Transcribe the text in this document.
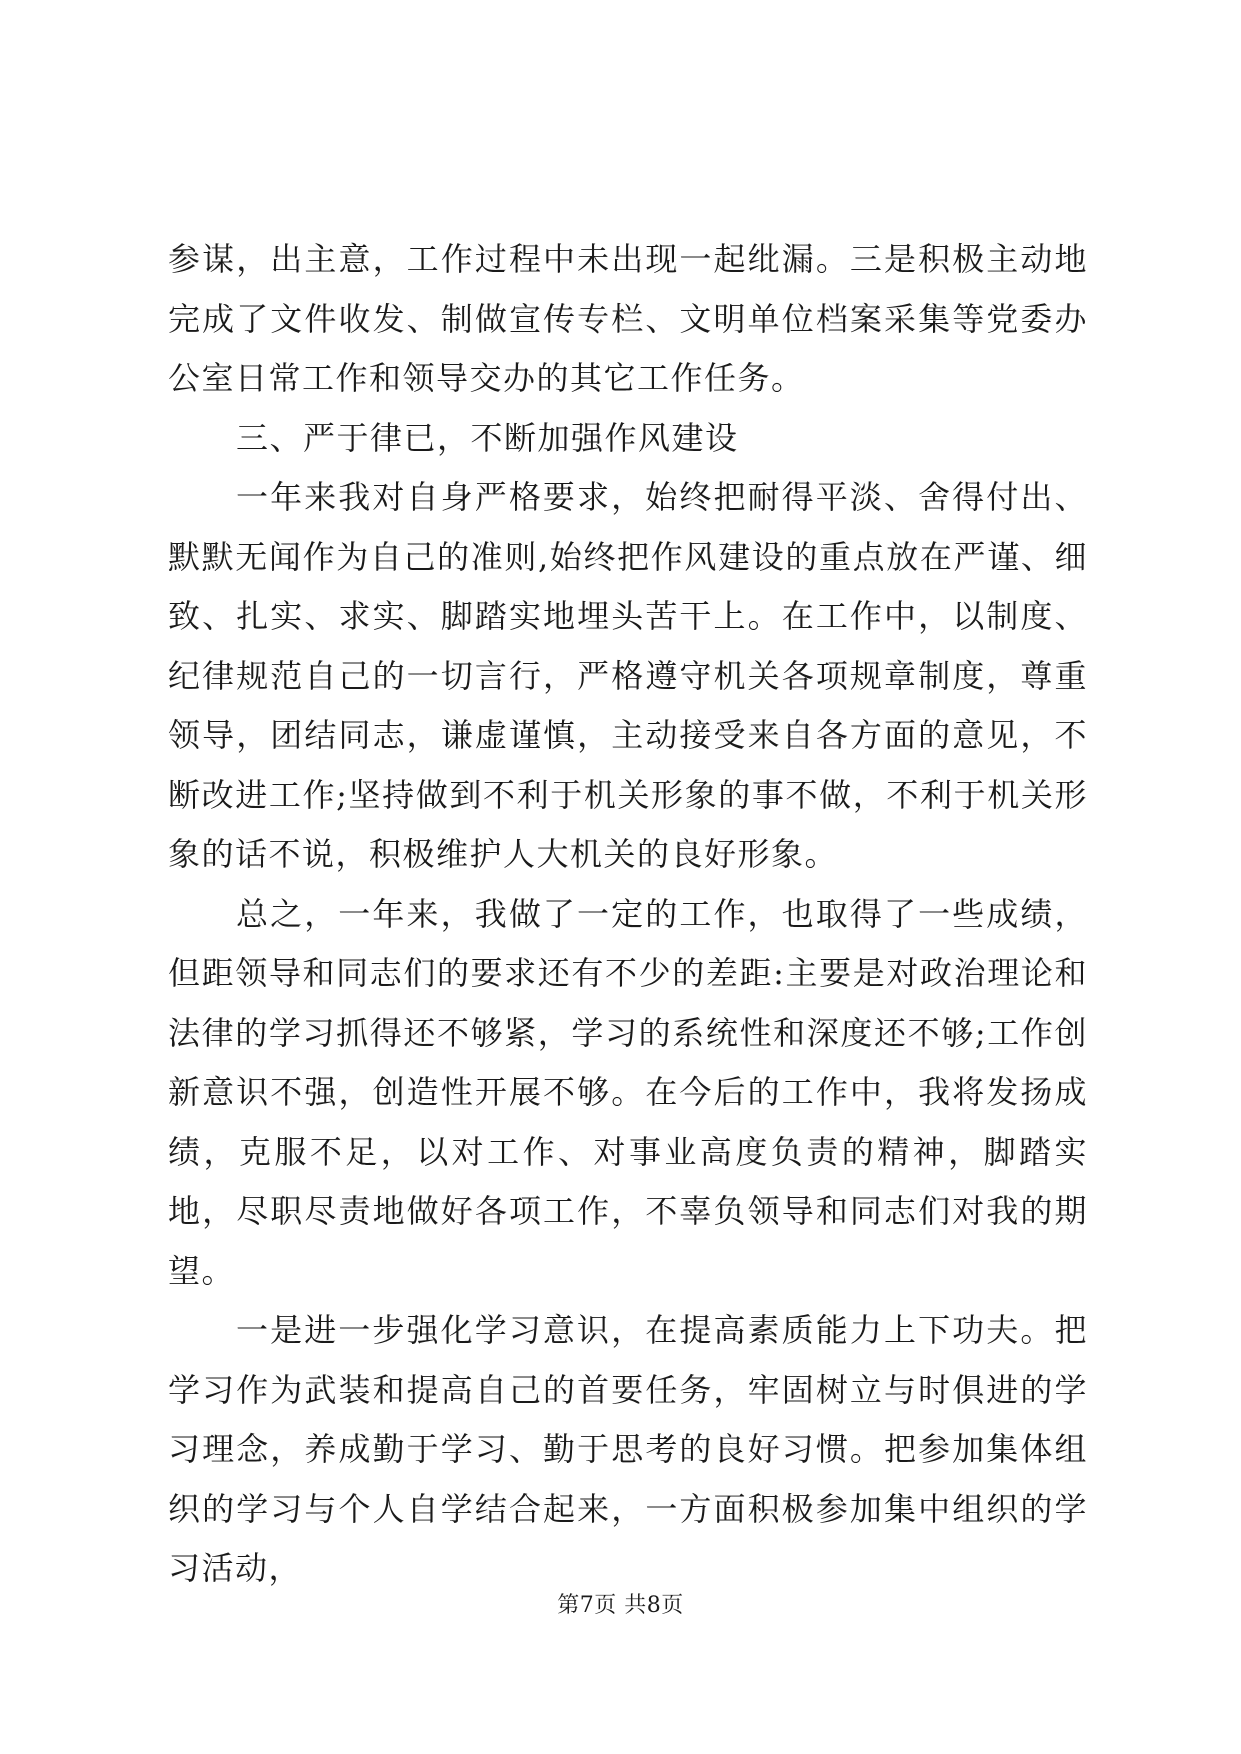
参谋，出主意，工作过程中未出现一起纰漏。三是积极主动地完成了文件收发、制做宣传专栏、文明单位档案采集等党委办公室日常工作和领导交办的其它工作任务。

三、严于律已，不断加强作风建设

一年来我对自身严格要求，始终把耐得平淡、舍得付出、默默无闻作为自己的准则,始终把作风建设的重点放在严谨、细致、扎实、求实、脚踏实地埋头苦干上。在工作中，以制度、纪律规范自己的一切言行，严格遵守机关各项规章制度，尊重领导，团结同志，谦虚谨慎，主动接受来自各方面的意见，不断改进工作;坚持做到不利于机关形象的事不做，不利于机关形象的话不说，积极维护人大机关的良好形象。

总之，一年来，我做了一定的工作，也取得了一些成绩，但距领导和同志们的要求还有不少的差距:主要是对政治理论和法律的学习抓得还不够紧，学习的系统性和深度还不够;工作创新意识不强，创造性开展不够。在今后的工作中，我将发扬成绩，克服不足，以对工作、对事业高度负责的精神，脚踏实地，尽职尽责地做好各项工作，不辜负领导和同志们对我的期望。

一是进一步强化学习意识，在提高素质能力上下功夫。把学习作为武装和提高自己的首要任务，牢固树立与时俱进的学习理念，养成勤于学习、勤于思考的良好习惯。把参加集体组织的学习与个人自学结合起来，一方面积极参加集中组织的学习活动，

第7页 共8页
